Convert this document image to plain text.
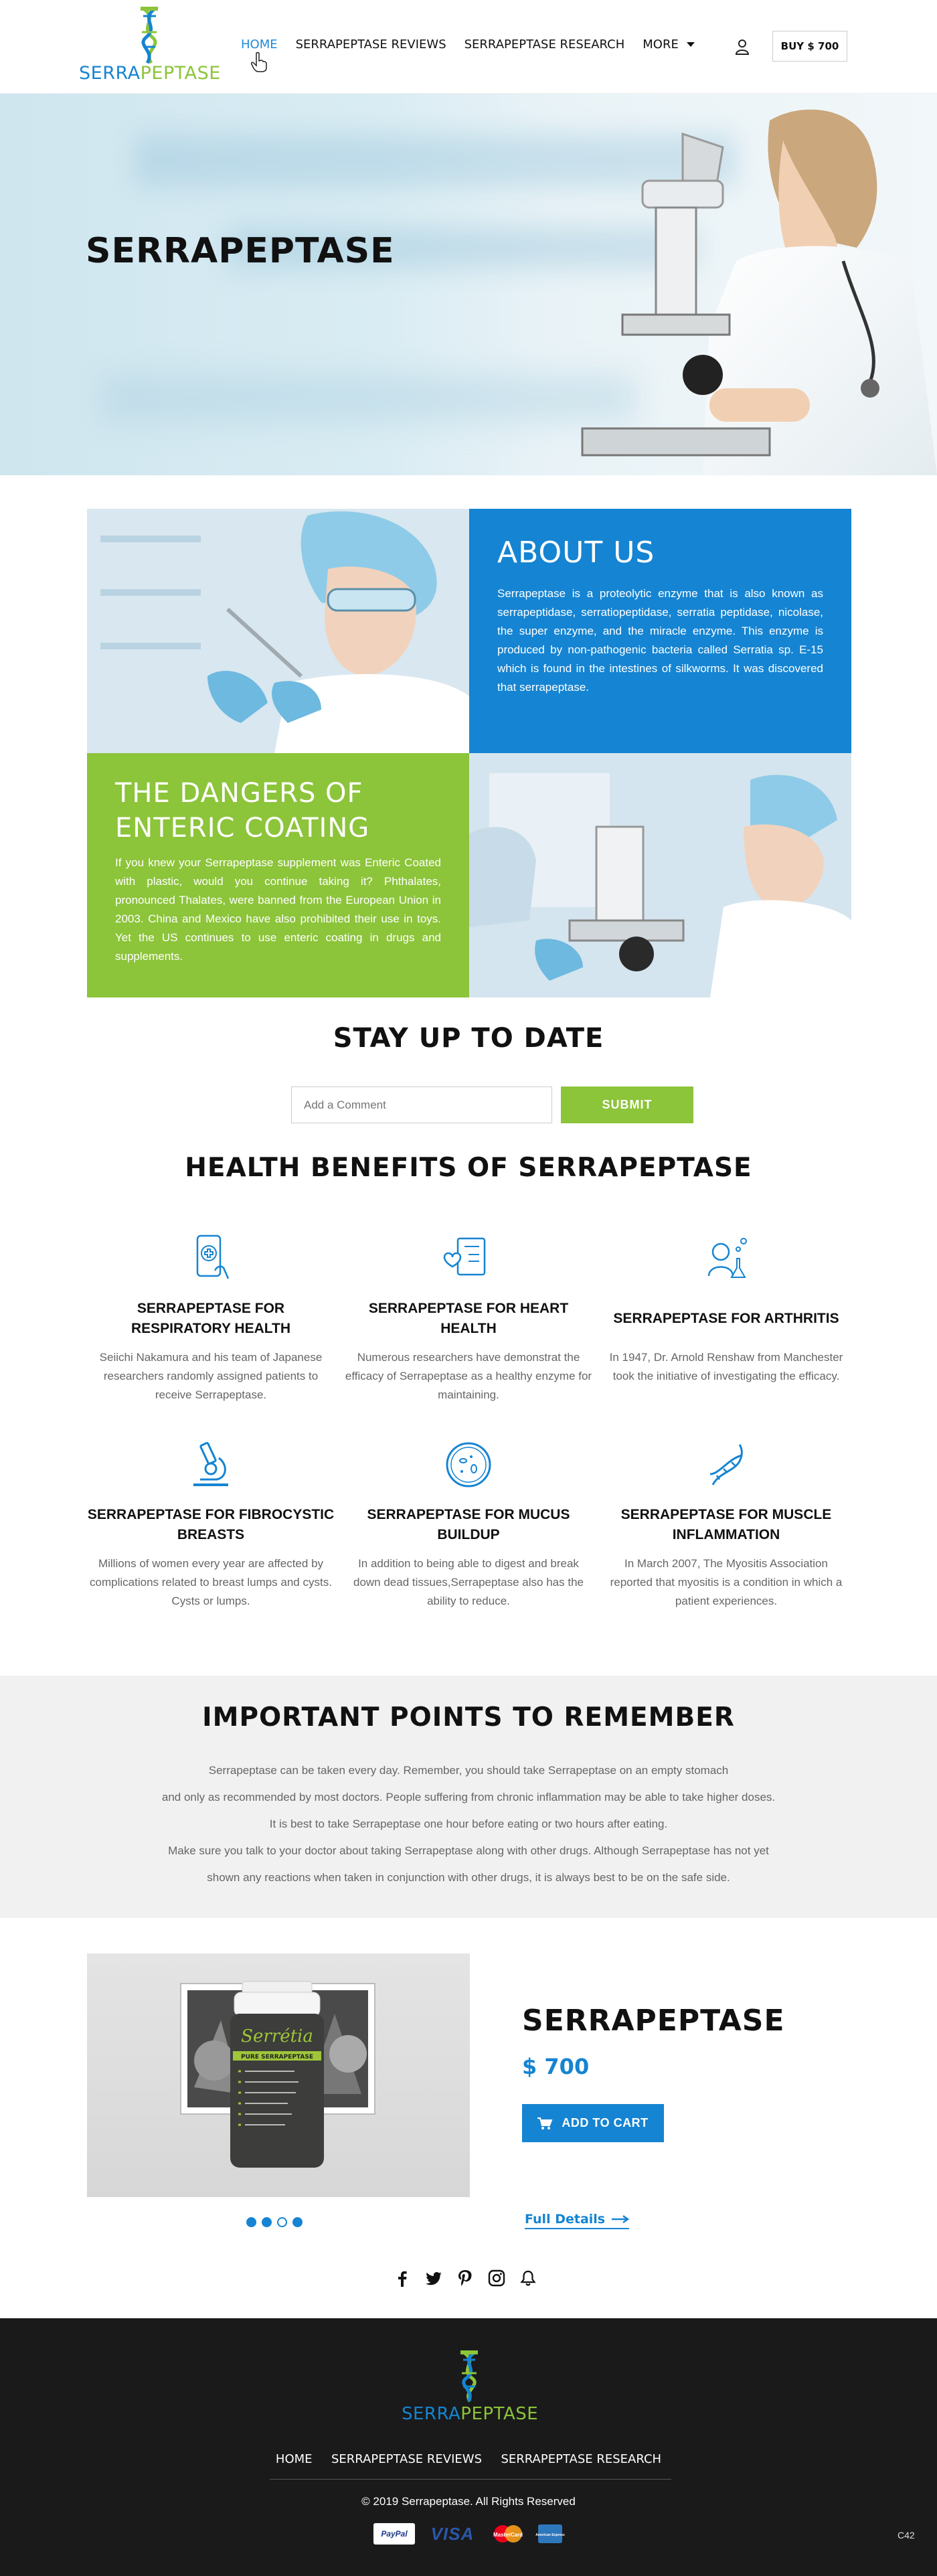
SERRAPEPTASE
HOME SERRAPEPTASE REVIEWS SERRAPEPTASE RESEARCH MORE	BUY $ 700
SERRAPEPTASE
ABOUT US

Serrapeptase is a proteolytic enzyme that is also known as serrapeptidase, serratiopeptidase, serratia peptidase, nicolase, the super enzyme, and the miracle enzyme. This enzyme is produced by non-pathogenic bacteria called Serratia sp. E-15 which is found in the intestines of silkworms. It was discovered that serrapeptase.

THE DANGERS OF
ENTERIC COATING

If you knew your Serrapeptase supplement was Enteric Coated with plastic, would you continue taking it? Phthalates, pronounced Thalates, were banned from the European Union in 2003. China and Mexico have also prohibited their use in toys. Yet the US continues to use enteric coating in drugs and supplements.

STAY UP TO DATE
Add a Comment
SUBMIT
HEALTH BENEFITS OF SERRAPEPTASE
SERRAPEPTASE FOR RESPIRATORY HEALTH

Seiichi Nakamura and his team of Japanese researchers randomly assigned patients to receive Serrapeptase.

SERRAPEPTASE FOR HEART HEALTH

Numerous researchers have demonstrat the efficacy of Serrapeptase as a healthy enzyme for maintaining.

SERRAPEPTASE FOR ARTHRITIS

In 1947, Dr. Arnold Renshaw from Manchester took the initiative of investigating the efficacy.

SERRAPEPTASE FOR FIBROCYSTIC BREASTS

Millions of women every year are affected by complications related to breast lumps and cysts. Cysts or lumps.

SERRAPEPTASE FOR MUCUS BUILDUP

In addition to being able to digest and break down dead tissues,Serrapeptase also has the ability to reduce.

SERRAPEPTASE FOR MUSCLE INFLAMMATION

In March 2007, The Myositis Association reported that myositis is a condition in which a patient experiences.

IMPORTANT POINTS TO REMEMBER
Serrapeptase can be taken every day. Remember, you should take Serrapeptase on an empty stomach
and only as recommended by most doctors. People suffering from chronic inflammation may be able to take higher doses.
It is best to take Serrapeptase one hour before eating or two hours after eating.
Make sure you talk to your doctor about taking Serrapeptase along with other drugs. Although Serrapeptase has not yet
shown any reactions when taken in conjunction with other drugs, it is always best to be on the safe side.
Serrétia
PURE SERRAPEPTASE
SERRAPEPTASE
$ 700
ADD TO CART
Full Details
SERRAPEPTASE
HOME SERRAPEPTASE REVIEWS SERRAPEPTASE RESEARCH
© 2019 Serrapeptase. All Rights Reserved
PayPal VISA	MasterCard	American Express	C42
